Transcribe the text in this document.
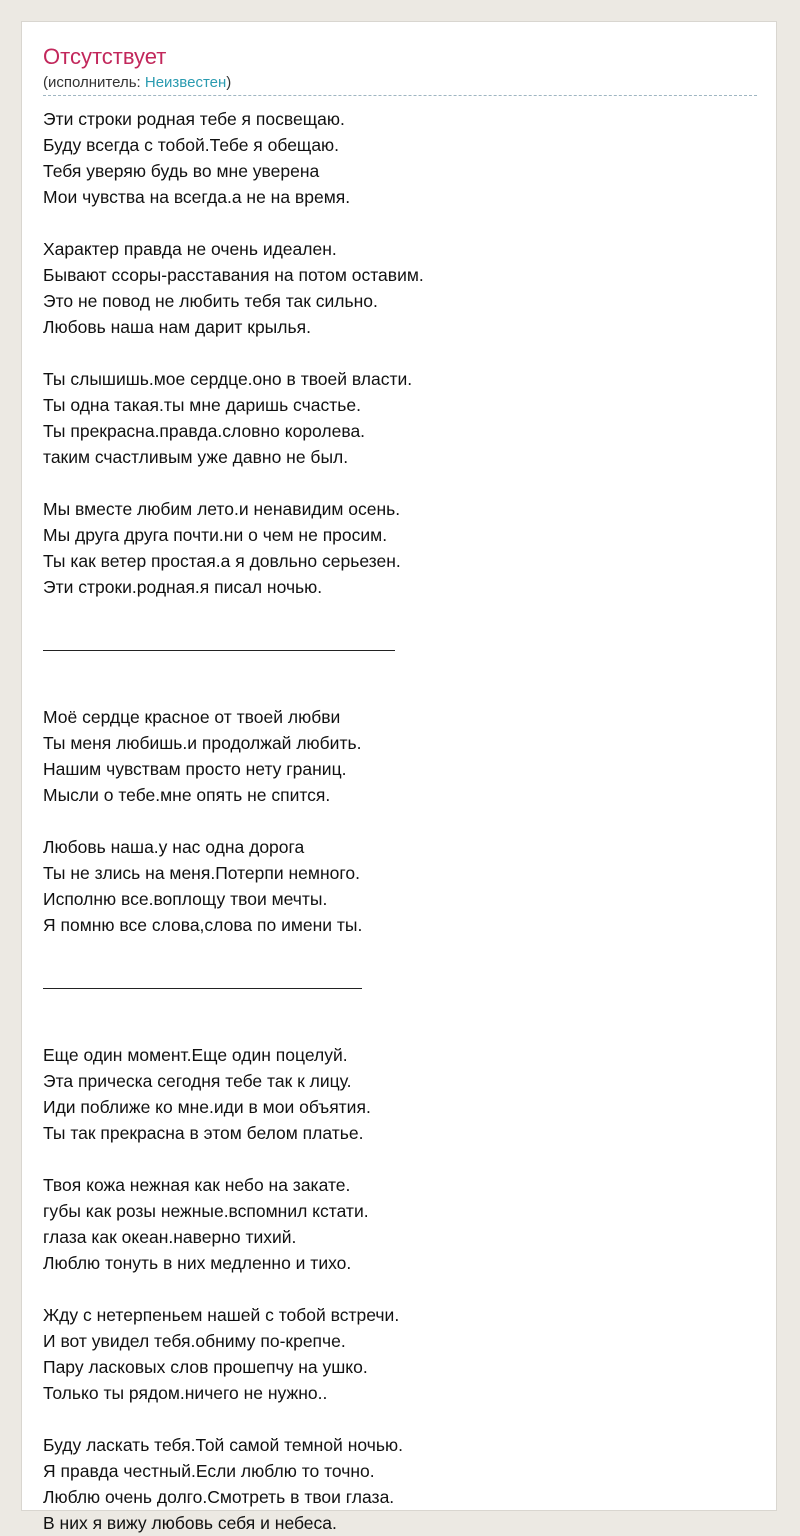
Отсутствует
(исполнитель: Неизвестен)
Эти строки родная тебе я посвещаю.
Буду всегда с тобой.Тебе я обещаю.
Тебя уверяю будь во мне уверена
Мои чувства на всегда.а не на время.
Характер правда не очень идеален.
Бывают ссоры-расставания на потом оставим.
Это не повод не любить тебя так сильно.
Любовь наша нам дарит крылья.
Ты слышишь.мое сердце.оно в твоей власти.
Ты одна такая.ты мне даришь счастье.
Ты прекрасна.правда.словно королева.
таким счастливым уже давно не был.
Мы вместе любим лето.и ненавидим осень.
Мы друга друга почти.ни о чем не просим.
Ты как ветер простая.а я довльно серьезен.
Эти строки.родная.я писал ночью.
Моё сердце красное от твоей любви
Ты меня любишь.и продолжай любить.
Нашим чувствам просто нету границ.
Мысли о тебе.мне опять не спится.
Любовь наша.у нас одна дорога
Ты не злись на меня.Потерпи немного.
Исполню все.воплощу твои мечты.
Я помню все слова,слова по имени ты.
Еще один момент.Еще один поцелуй.
Эта прическа сегодня тебе так к лицу.
Иди поближе ко мне.иди в мои объятия.
Ты так прекрасна в этом белом платье.
Твоя кожа нежная как небо на закате.
губы как розы нежные.вспомнил кстати.
глаза как океан.наверно тихий.
Люблю тонуть в них медленно и тихо.
Жду с нетерпеньем нашей с тобой встречи.
И вот увидел тебя.обниму по-крепче.
Пару ласковых слов прошепчу на ушко.
Только ты рядом.ничего не нужно..
Буду ласкать тебя.Той самой темной ночью.
Я правда честный.Если люблю то точно.
Люблю очень долго.Смотреть в твои глаза.
В них я вижу любовь себя и небеса.
